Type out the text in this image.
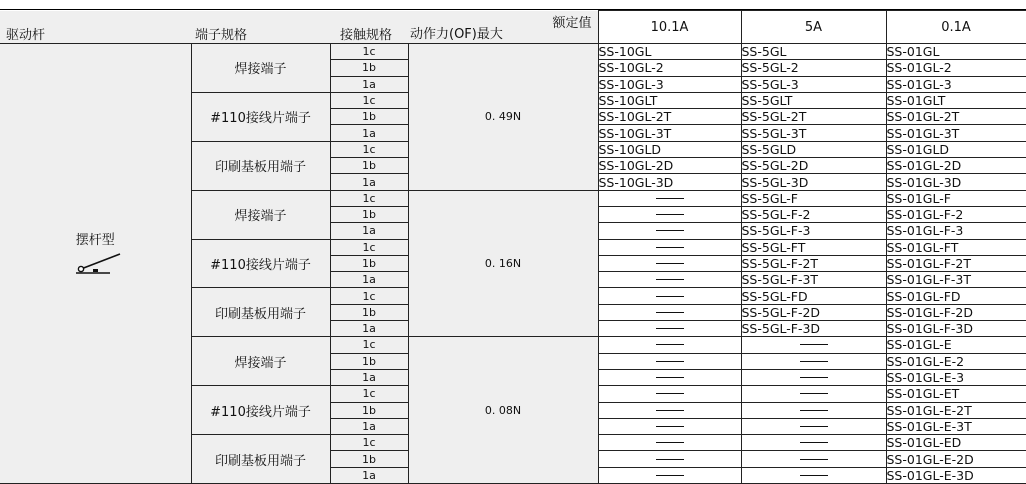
驱动杆	端子规格	接触规格	额定值
动作力(OF)最大	10.1A	5A	0.1A

摆杆型	焊接端子	1c	0. 49N	SS-10GL	SS-5GL	SS-01GL
		1b		SS-10GL-2	SS-5GL-2	SS-01GL-2
		1a		SS-10GL-3	SS-5GL-3	SS-01GL-3
	#110接线片端子	1c		SS-10GLT	SS-5GLT	SS-01GLT
		1b		SS-10GL-2T	SS-5GL-2T	SS-01GL-2T
		1a		SS-10GL-3T	SS-5GL-3T	SS-01GL-3T
	印刷基板用端子	1c		SS-10GLD	SS-5GLD	SS-01GLD
		1b		SS-10GL-2D	SS-5GL-2D	SS-01GL-2D
		1a		SS-10GL-3D	SS-5GL-3D	SS-01GL-3D
	焊接端子	1c	0. 16N		SS-5GL-F	SS-01GL-F
		1b			SS-5GL-F-2	SS-01GL-F-2
		1a			SS-5GL-F-3	SS-01GL-F-3
	#110接线片端子	1c			SS-5GL-FT	SS-01GL-FT
		1b			SS-5GL-F-2T	SS-01GL-F-2T
		1a			SS-5GL-F-3T	SS-01GL-F-3T
	印刷基板用端子	1c			SS-5GL-FD	SS-01GL-FD
		1b			SS-5GL-F-2D	SS-01GL-F-2D
		1a			SS-5GL-F-3D	SS-01GL-F-3D
	焊接端子	1c	0. 08N			SS-01GL-E
		1b				SS-01GL-E-2
		1a				SS-01GL-E-3
	#110接线片端子	1c				SS-01GL-ET
		1b				SS-01GL-E-2T
		1a				SS-01GL-E-3T
	印刷基板用端子	1c				SS-01GL-ED
		1b				SS-01GL-E-2D
		1a				SS-01GL-E-3D
